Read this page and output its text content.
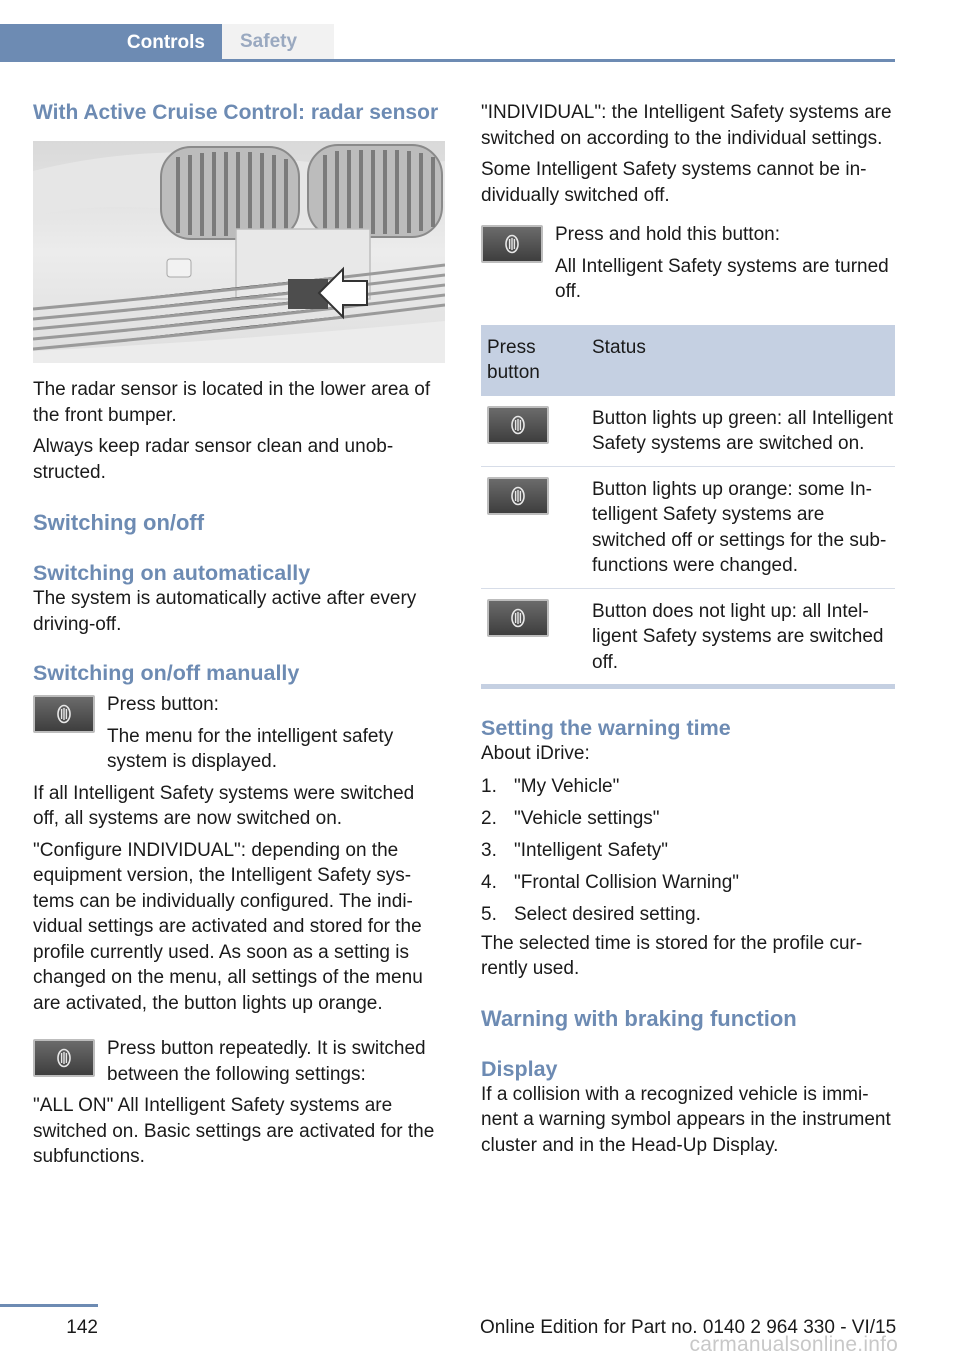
Controls	Safety

With Active Cruise Control: radar sensor

The radar sensor is located in the lower area of the front bumper.

Always keep radar sensor clean and unobstructed.

Switching on/off

Switching on automatically

The system is automatically active after every driving-off.

Switching on/off manually

Press button:

The menu for the intelligent safety system is displayed.

If all Intelligent Safety systems were switched off, all systems are now switched on.

"Configure INDIVIDUAL": depending on the equipment version, the Intelligent Safety systems can be individually configured. The individual settings are activated and stored for the profile currently used. As soon as a setting is changed on the menu, all settings of the menu are activated, the button lights up orange.

Press button repeatedly. It is switched between the following settings:

"ALL ON" All Intelligent Safety systems are switched on. Basic settings are activated for the subfunctions.

"INDIVIDUAL": the Intelligent Safety systems are switched on according to the individual settings.

Some Intelligent Safety systems cannot be individually switched off.

Press and hold this button:

All Intelligent Safety systems are turned off.

Press button

Status

Button lights up green: all Intelligent Safety systems are switched on.

Button lights up orange: some Intelligent Safety systems are switched off or settings for the sub-functions were changed.

Button does not light up: all Intelligent Safety systems are switched off.

Setting the warning time

About iDrive:

1. "My Vehicle"
2. "Vehicle settings"
3. "Intelligent Safety"
4. "Frontal Collision Warning"
5. Select desired setting.

The selected time is stored for the profile currently used.

Warning with braking function

Display

If a collision with a recognized vehicle is imminent a warning symbol appears in the instrument cluster and in the Head-Up Display.

142	Online Edition for Part no. 0140 2 964 330 - VI/15
carmanualsonline.info
